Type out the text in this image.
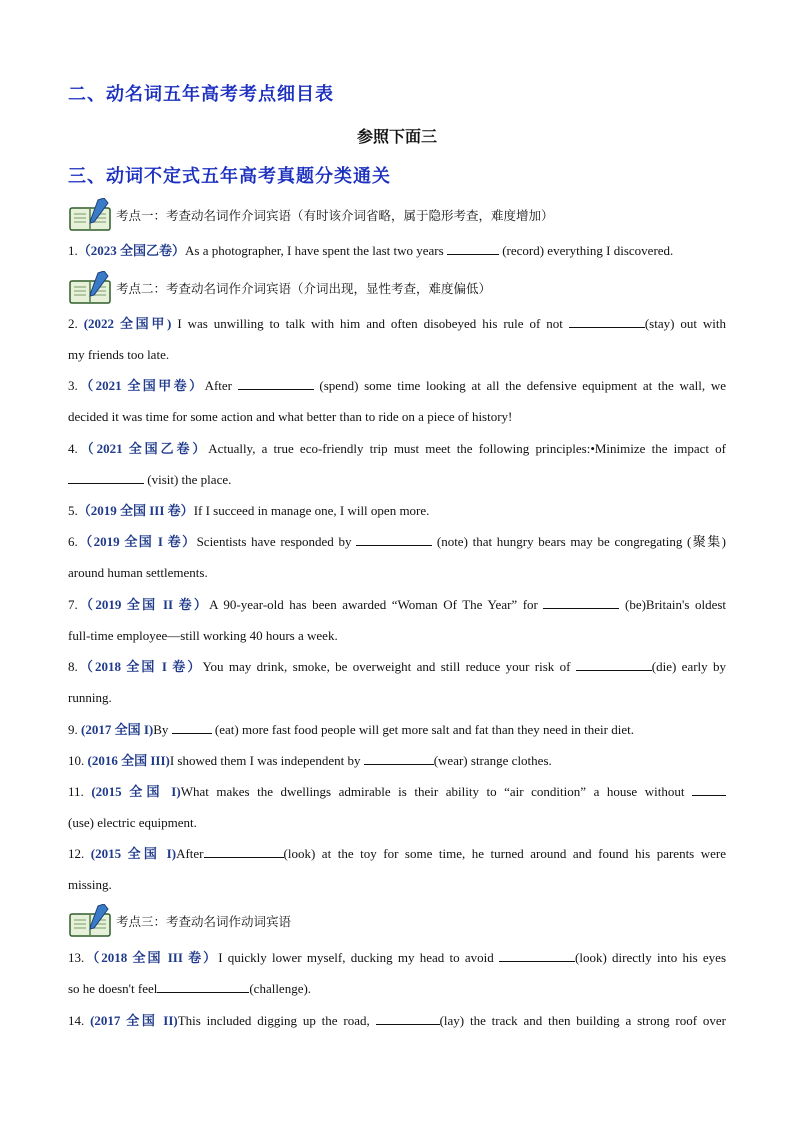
二、动名词五年高考考点细目表
参照下面三
三、动词不定式五年高考真题分类通关
考点一：考查动名词作介词宾语（有时该介词省略，属于隐形考查，难度增加）
1.（2023 全国乙卷）As a photographer, I have spent the last two years	(record) everything I discovered.
考点二：考查动名词作介词宾语（介词出现，显性考查，难度偏低）
2. (2022 全国甲) I was unwilling to talk with him and often disobeyed his rule of not	(stay) out with
my friends too late.
3.（2021 全国甲卷）After	(spend) some time looking at all the defensive equipment at the wall, we
decided it was time for some action and what better than to ride on a piece of history!
4.（2021 全国乙卷）Actually, a true eco-friendly trip must meet the following principles:•Minimize the impact of
(visit) the place.
5.（2019 全国 III 卷）If I succeed in manage one, I will open more.
6.（2019 全国 I 卷）Scientists have responded by	(note) that hungry bears may be congregating (聚集)
around human settlements.
7.（2019 全国 II 卷）A 90-year-old has been awarded “Woman Of The Year” for	(be)Britain's oldest
full-time employee—still working 40 hours a week.
8.（2018 全国 I 卷）You may drink, smoke, be overweight and still reduce your risk of	(die) early by
running.
9. (2017 全国 I)By	(eat) more fast food people will get more salt and fat than they need in their diet.
10. (2016 全国 III)I showed them I was independent by	(wear) strange clothes.
11. (2015 全国 I)What makes the dwellings admirable is their ability to “air condition” a house without
(use) electric equipment.
12. (2015 全国 I)After	(look) at the toy for some time, he turned around and found his parents were
missing.
考点三：考查动名词作动词宾语
13.（2018 全国 III 卷）I quickly lower myself, ducking my head to avoid	(look) directly into his eyes
so he doesn't feel	(challenge).
14. (2017 全国 II)This included digging up the road,	(lay) the track and then building a strong roof over
